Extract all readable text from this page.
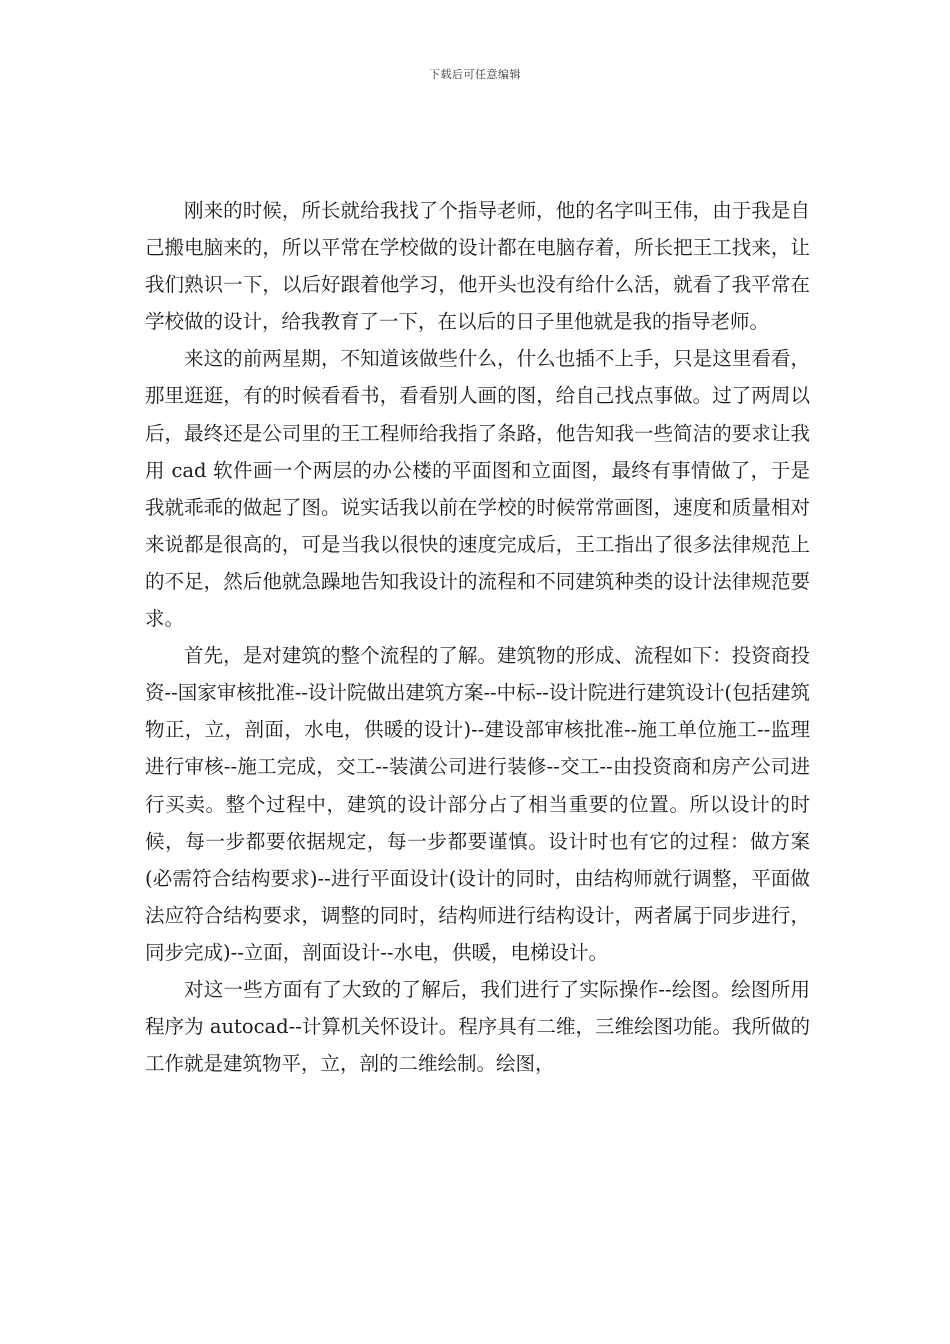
下载后可任意编辑

刚来的时候，所长就给我找了个指导老师，他的名字叫王伟，由于我是自己搬电脑来的，所以平常在学校做的设计都在电脑存着，所长把王工找来，让我们熟识一下，以后好跟着他学习，他开头也没有给什么活，就看了我平常在学校做的设计，给我教育了一下，在以后的日子里他就是我的指导老师。

来这的前两星期，不知道该做些什么，什么也插不上手，只是这里看看，那里逛逛，有的时候看看书，看看别人画的图，给自己找点事做。过了两周以后，最终还是公司里的王工程师给我指了条路，他告知我一些简洁的要求让我用 cad 软件画一个两层的办公楼的平面图和立面图，最终有事情做了，于是我就乖乖的做起了图。说实话我以前在学校的时候常常画图，速度和质量相对来说都是很高的，可是当我以很快的速度完成后，王工指出了很多法律规范上的不足，然后他就急躁地告知我设计的流程和不同建筑种类的设计法律规范要求。

首先，是对建筑的整个流程的了解。建筑物的形成、流程如下：投资商投资--国家审核批准--设计院做出建筑方案--中标--设计院进行建筑设计(包括建筑物正，立，剖面，水电，供暖的设计)--建设部审核批准--施工单位施工--监理进行审核--施工完成，交工--装潢公司进行装修--交工--由投资商和房产公司进行买卖。整个过程中，建筑的设计部分占了相当重要的位置。所以设计的时候，每一步都要依据规定，每一步都要谨慎。设计时也有它的过程：做方案(必需符合结构要求)--进行平面设计(设计的同时，由结构师就行调整，平面做法应符合结构要求，调整的同时，结构师进行结构设计，两者属于同步进行，同步完成)--立面，剖面设计--水电，供暖，电梯设计。

对这一些方面有了大致的了解后，我们进行了实际操作--绘图。绘图所用程序为 autocad--计算机关怀设计。程序具有二维，三维绘图功能。我所做的工作就是建筑物平，立，剖的二维绘制。绘图，
